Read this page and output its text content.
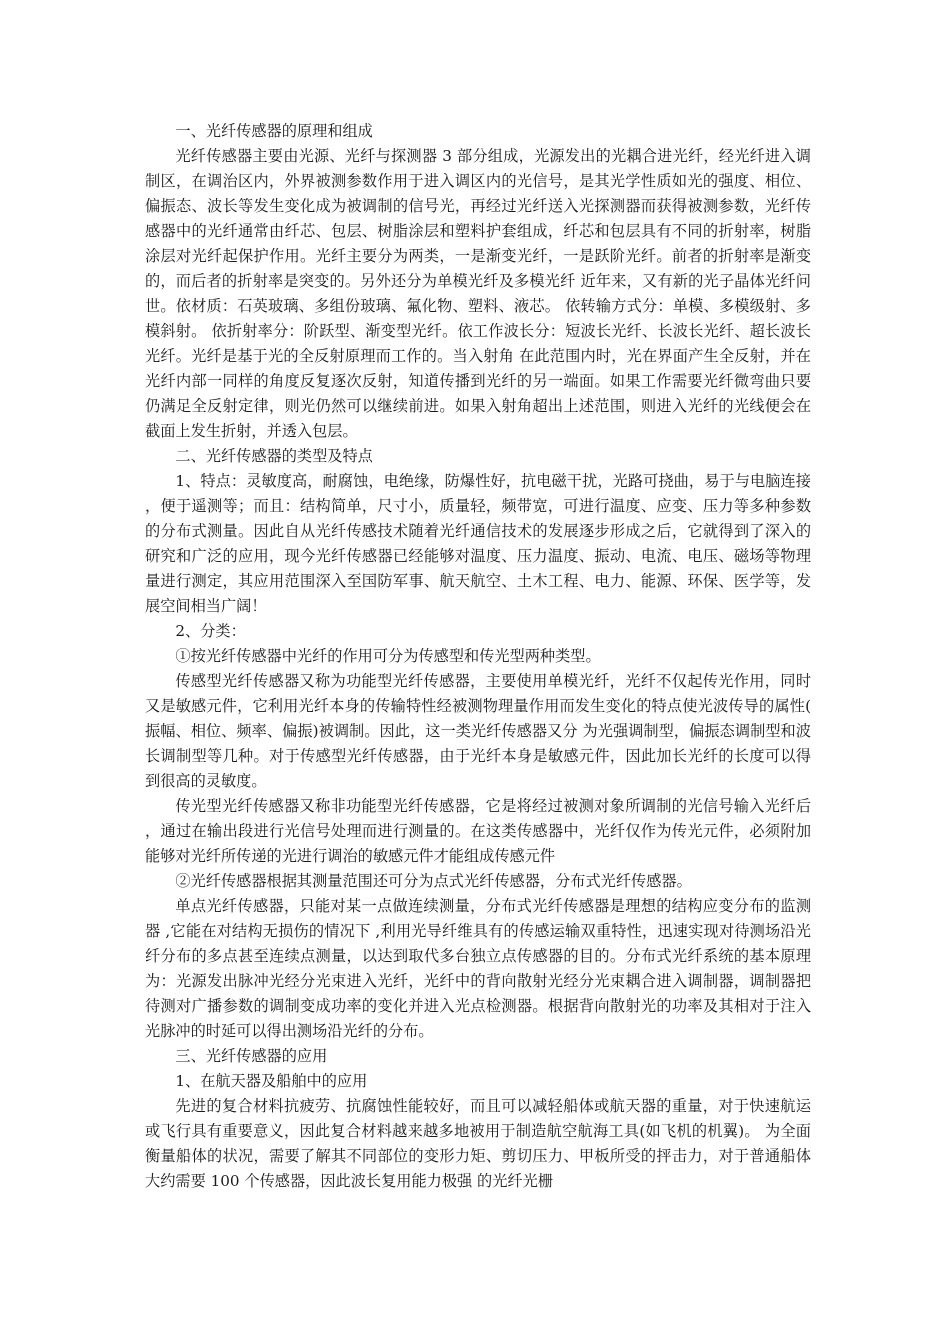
一、光纤传感器的原理和组成

光纤传感器主要由光源、光纤与探测器 3 部分组成，光源发出的光耦合进光纤，经光纤进入调制区，在调治区内，外界被测参数作用于进入调区内的光信号，是其光学性质如光的强度、相位、偏振态、波长等发生变化成为被调制的信号光，再经过光纤送入光探测器而获得被测参数，光纤传感器中的光纤通常由纤芯、包层、树脂涂层和塑料护套组成，纤芯和包层具有不同的折射率，树脂涂层对光纤起保护作用。光纤主要分为两类，一是渐变光纤，一是跃阶光纤。前者的折射率是渐变的，而后者的折射率是突变的。另外还分为单模光纤及多模光纤 近年来，又有新的光子晶体光纤问世。依材质：石英玻璃、多组份玻璃、氟化物、塑料、液芯。 依转输方式分：单模、多模级射、多模斜射。 依折射率分：阶跃型、渐变型光纤。依工作波长分：短波长光纤、长波长光纤、超长波长光纤。光纤是基于光的全反射原理而工作的。当入射角 在此范围内时，光在界面产生全反射，并在光纤内部一同样的角度反复逐次反射，知道传播到光纤的另一端面。如果工作需要光纤微弯曲只要仍满足全反射定律，则光仍然可以继续前进。如果入射角超出上述范围，则进入光纤的光线便会在截面上发生折射，并透入包层。

二、光纤传感器的类型及特点

1、特点：灵敏度高，耐腐蚀，电绝缘，防爆性好，抗电磁干扰，光路可挠曲，易于与电脑连接，便于遥测等；而且：结构简单，尺寸小，质量轻，频带宽，可进行温度、应变、压力等多种参数的分布式测量。因此自从光纤传感技术随着光纤通信技术的发展逐步形成之后，它就得到了深入的研究和广泛的应用，现今光纤传感器已经能够对温度、压力温度、振动、电流、电压、磁场等物理量进行测定，其应用范围深入至国防军事、航天航空、土木工程、电力、能源、环保、医学等，发展空间相当广阔！

2、分类：

①按光纤传感器中光纤的作用可分为传感型和传光型两种类型。

传感型光纤传感器又称为功能型光纤传感器，主要使用单模光纤，光纤不仅起传光作用，同时又是敏感元件，它利用光纤本身的传输特性经被测物理量作用而发生变化的特点使光波传导的属性(振幅、相位、频率、偏振)被调制。因此，这一类光纤传感器又分 为光强调制型，偏振态调制型和波长调制型等几种。对于传感型光纤传感器，由于光纤本身是敏感元件，因此加长光纤的长度可以得到很高的灵敏度。

传光型光纤传感器又称非功能型光纤传感器，它是将经过被测对象所调制的光信号输入光纤后，通过在输出段进行光信号处理而进行测量的。在这类传感器中，光纤仅作为传光元件，必须附加能够对光纤所传递的光进行调治的敏感元件才能组成传感元件

②光纤传感器根据其测量范围还可分为点式光纤传感器，分布式光纤传感器。

单点光纤传感器，只能对某一点做连续测量，分布式光纤传感器是理想的结构应变分布的监测器 ,它能在对结构无损伤的情况下 ,利用光导纤维具有的传感运输双重特性，迅速实现对待测场沿光纤分布的多点甚至连续点测量，以达到取代多台独立点传感器的目的。分布式光纤系统的基本原理为：光源发出脉冲光经分光束进入光纤，光纤中的背向散射光经分光束耦合进入调制器，调制器把待测对广播参数的调制变成功率的变化并进入光点检测器。根据背向散射光的功率及其相对于注入光脉冲的时延可以得出测场沿光纤的分布。

三、光纤传感器的应用

1、在航天器及船舶中的应用

先进的复合材料抗疲劳、抗腐蚀性能较好，而且可以减轻船体或航天器的重量，对于快速航运或飞行具有重要意义，因此复合材料越来越多地被用于制造航空航海工具(如飞机的机翼)。 为全面衡量船体的状况，需要了解其不同部位的变形力矩、剪切压力、甲板所受的抨击力，对于普通船体大约需要 100 个传感器，因此波长复用能力极强 的光纤光栅
